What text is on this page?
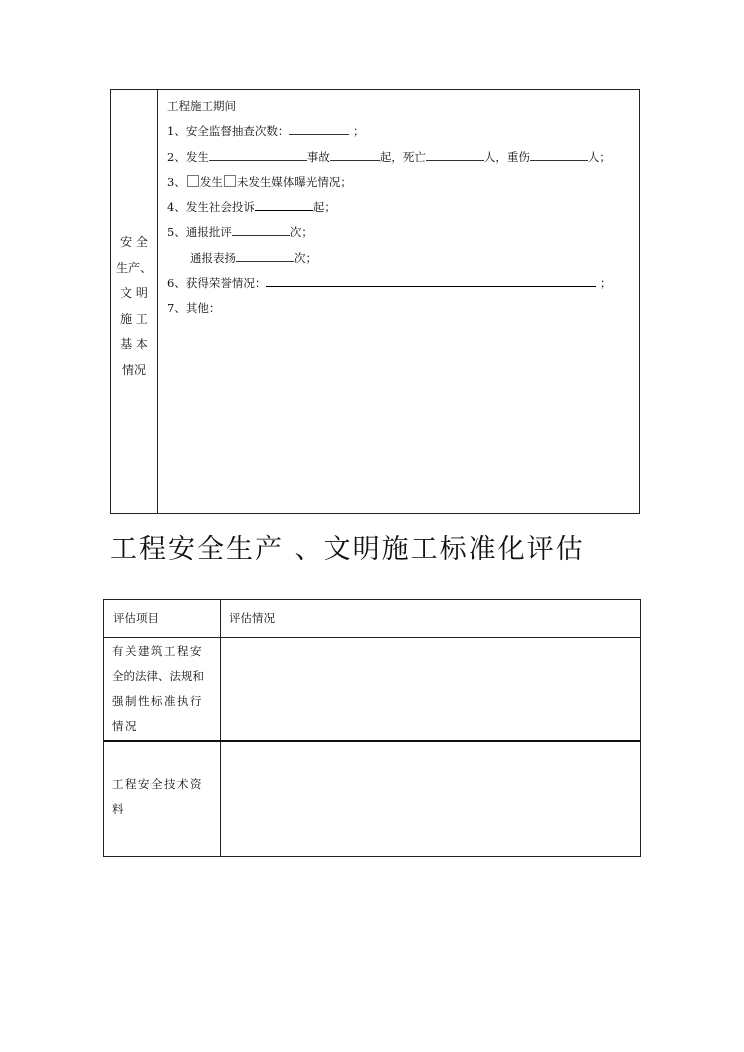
安 全
生产、
文 明
施 工
基 本
情况
工程施工期间
1、安全监督抽查次数：	；
2、发生	事故	起，死亡	人，重伤	人；
3、 发生 未发生媒体曝光情况；
4、发生社会投诉	起；
5、通报批评	次；
通报表扬	次；
6、获得荣誉情况：	；
7、其他：
工程安全生产 、文明施工标准化评估
评估项目	评估情况
有关建筑工程安
全的法律、法规和
强制性标准执行
情况
工程安全技术资
料
